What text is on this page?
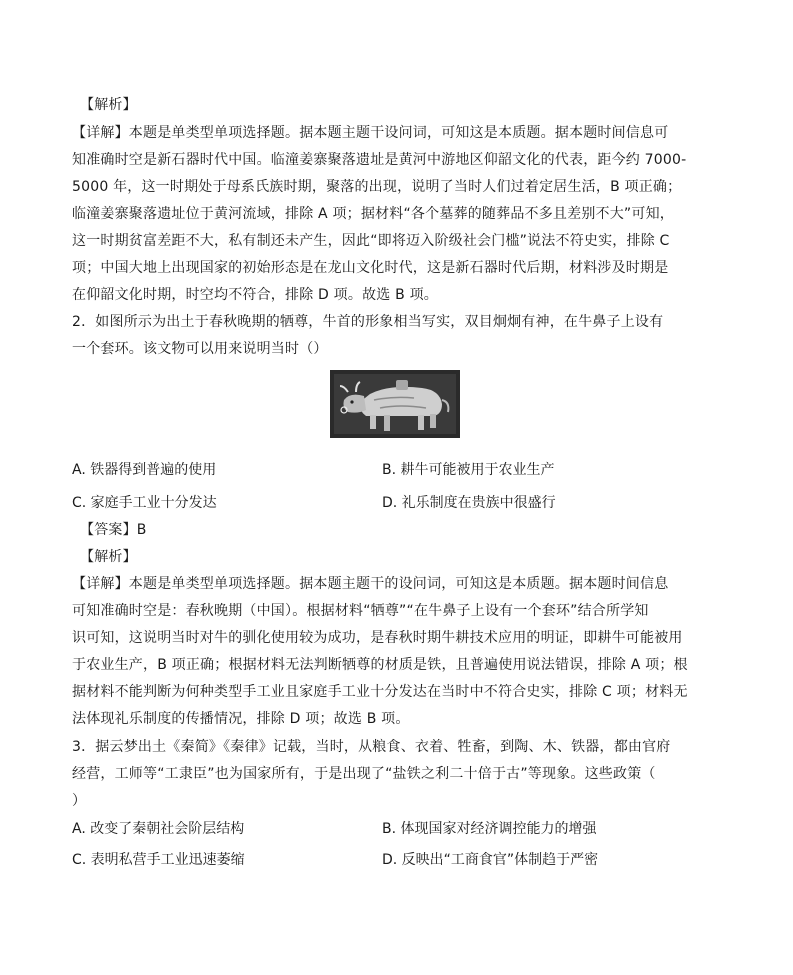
【解析】
【详解】本题是单类型单项选择题。据本题主题干设问词，可知这是本质题。据本题时间信息可
知准确时空是新石器时代中国。临潼姜寨聚落遗址是黄河中游地区仰韶文化的代表，距今约 7000-
5000 年，这一时期处于母系氏族时期，聚落的出现，说明了当时人们过着定居生活，B 项正确；
临潼姜寨聚落遗址位于黄河流域，排除 A 项；据材料“各个墓葬的随葬品不多且差别不大”可知，
这一时期贫富差距不大，私有制还未产生，因此“即将迈入阶级社会门槛”说法不符史实，排除 C
项；中国大地上出现国家的初始形态是在龙山文化时代，这是新石器时代后期，材料涉及时期是
在仰韶文化时期，时空均不符合，排除 D 项。故选 B 项。
2．如图所示为出土于春秋晚期的牺尊，牛首的形象相当写实，双目炯炯有神，在牛鼻子上设有
一个套环。该文物可以用来说明当时（）
A. 铁器得到普遍的使用	B. 耕牛可能被用于农业生产
C. 家庭手工业十分发达	D. 礼乐制度在贵族中很盛行
【答案】B
【解析】
【详解】本题是单类型单项选择题。据本题主题干的设问词，可知这是本质题。据本题时间信息
可知准确时空是：春秋晚期（中国）。根据材料“牺尊”“在牛鼻子上设有一个套环”结合所学知
识可知，这说明当时对牛的驯化使用较为成功，是春秋时期牛耕技术应用的明证，即耕牛可能被用
于农业生产，B 项正确；根据材料无法判断牺尊的材质是铁，且普遍使用说法错误，排除 A 项；根
据材料不能判断为何种类型手工业且家庭手工业十分发达在当时中不符合史实，排除 C 项；材料无
法体现礼乐制度的传播情况，排除 D 项；故选 B 项。
3．据云梦出土《秦简》《秦律》记载，当时，从粮食、衣着、牲畜，到陶、木、铁器，都由官府
经营，工师等“工隶臣”也为国家所有，于是出现了“盐铁之利二十倍于古”等现象。这些政策（
）
A. 改变了秦朝社会阶层结构	B. 体现国家对经济调控能力的增强
C. 表明私营手工业迅速萎缩	D. 反映出“工商食官”体制趋于严密
